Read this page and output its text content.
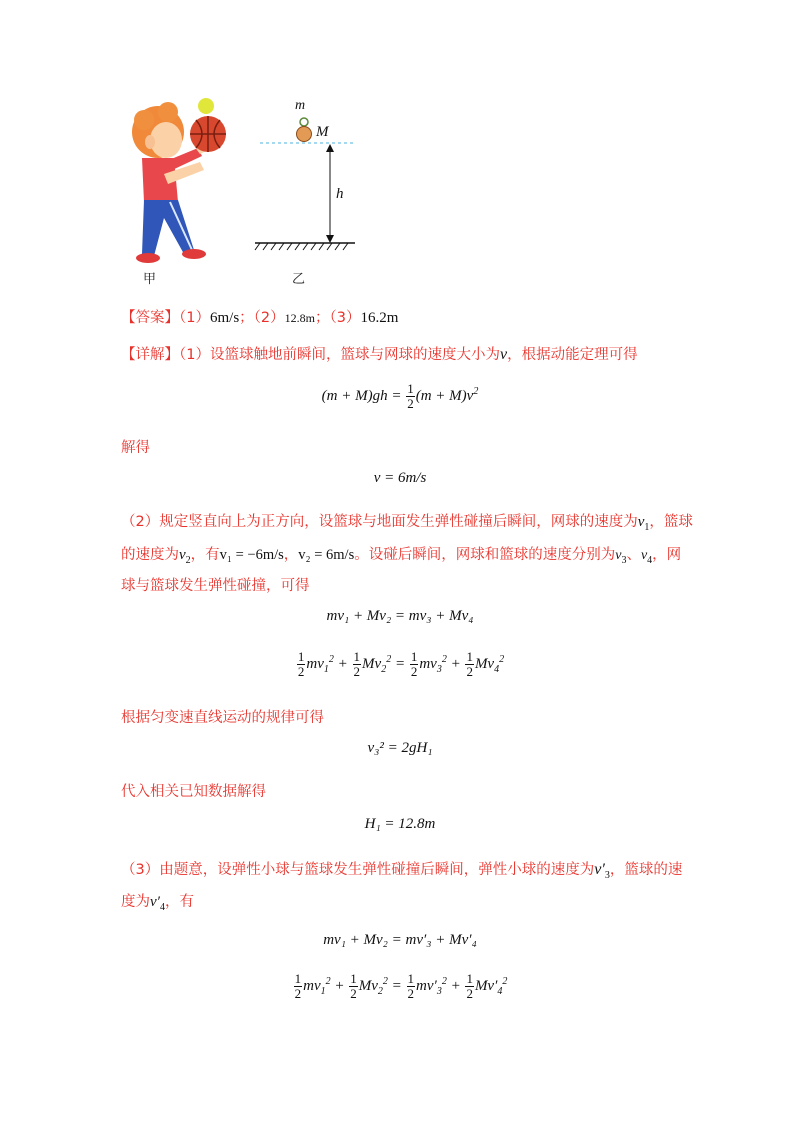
甲
m
M
h
乙
【答案】（1）6m/s；（2）12.8m；（3）16.2m
【详解】（1）设篮球触地前瞬间，篮球与网球的速度大小为v，根据动能定理可得
$(m + M)gh = \frac{1}{2} (m + M)v^2$
解得
v = 6m/s
（2）规定竖直向上为正方向，设篮球与地面发生弹性碰撞后瞬间，网球的速度为$v_1$，篮球
的速度为$v_2$，有v₁ = −6m/s，v₂ = 6m/s。设碰后瞬间，网球和篮球的速度分别为$v_3$、$v_4$，网
球与篮球发生弹性碰撞，可得
mv₁ + Mv₂ = mv₃ + Mv₄
$\frac{1}{2} mv_1^2 + \frac{1}{2} Mv_2^2 = \frac{1}{2} mv_3^2 + \frac{1}{2} Mv_4^2$
根据匀变速直线运动的规律可得
v₃² = 2gH₁
代入相关已知数据解得
H₁ = 12.8m
（3）由题意，设弹性小球与篮球发生弹性碰撞后瞬间，弹性小球的速度为$v'_3$，篮球的速
度为$v'_4$，有
mv₁ + Mv₂ = mv′₃ + Mv′₄
$\frac{1}{2} mv_1^2 + \frac{1}{2} Mv_2^2 = \frac{1}{2} mv'_3^2 + \frac{1}{2} Mv'_4^2$
